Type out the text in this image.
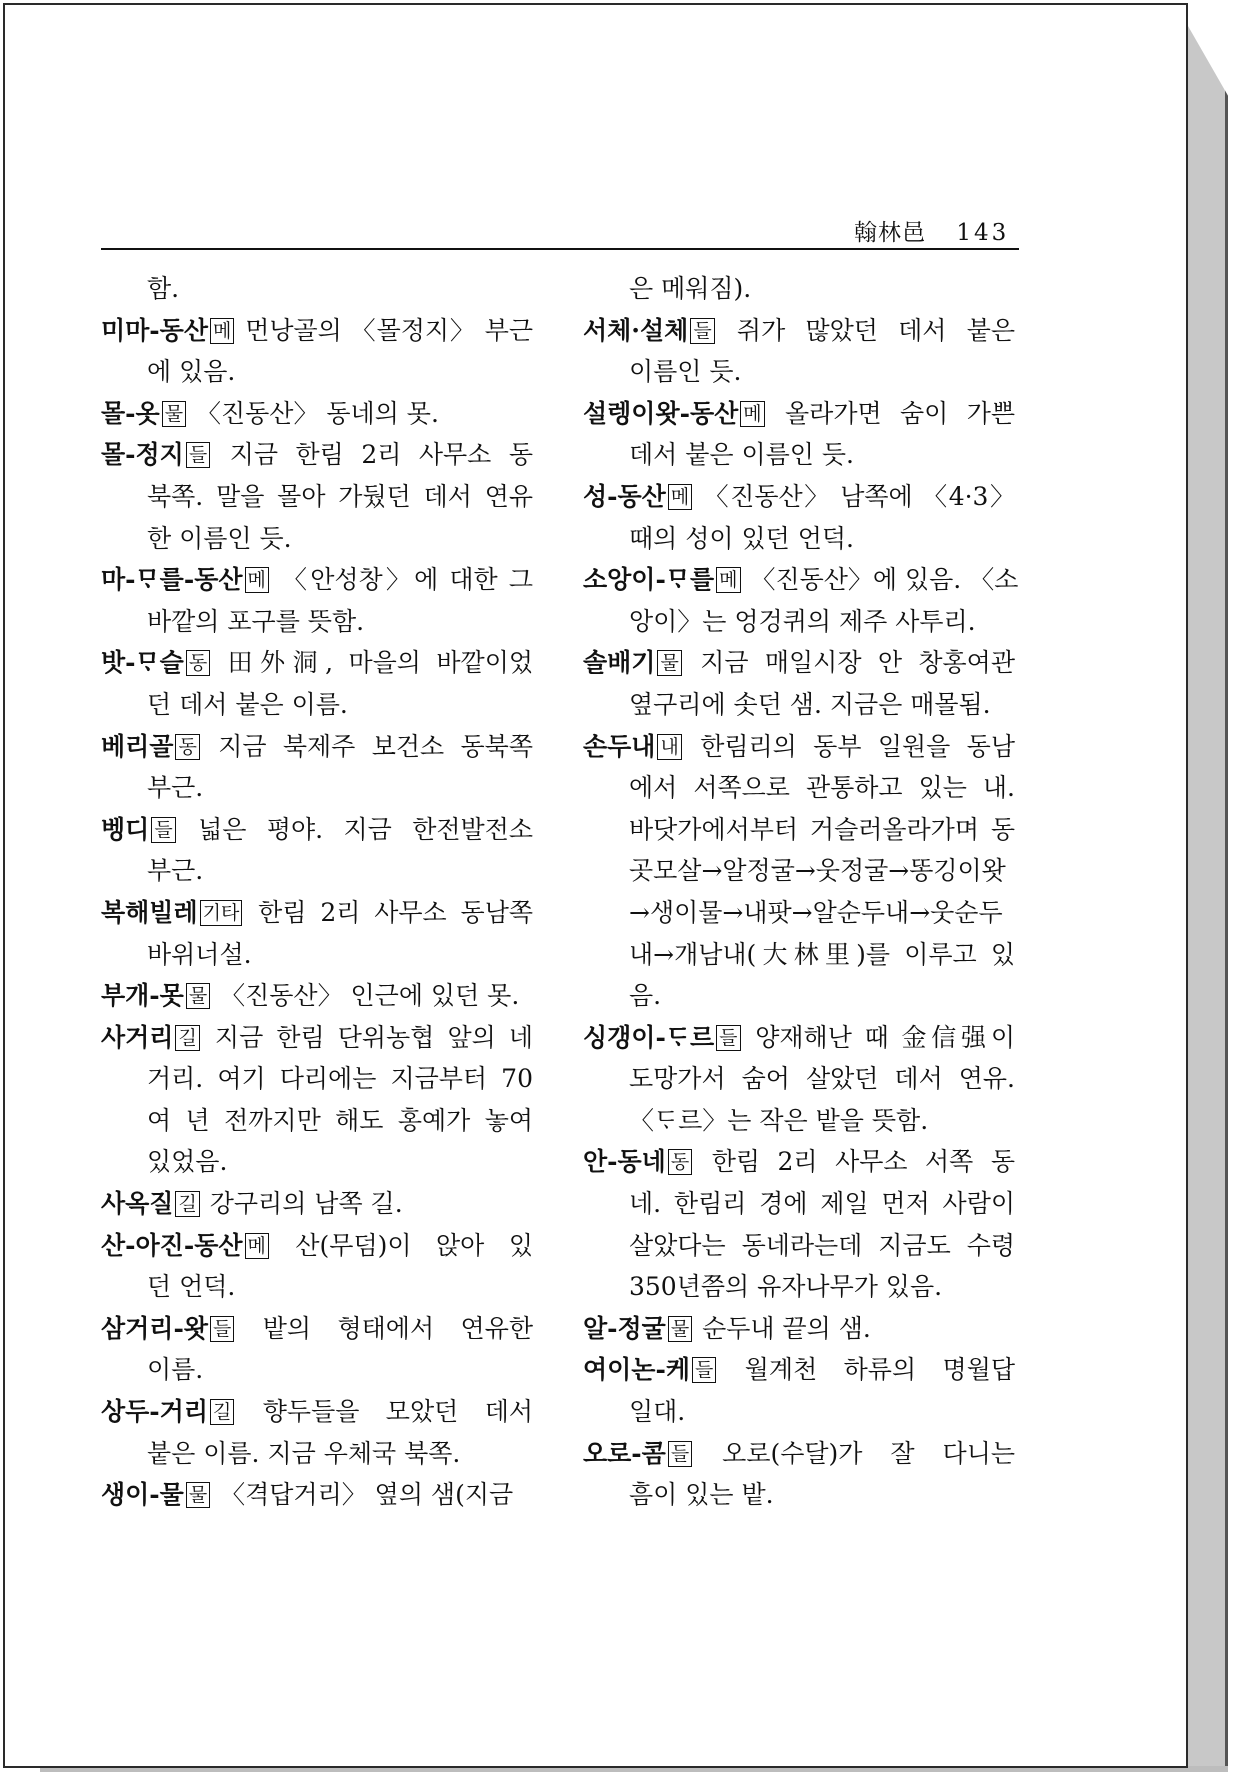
翰林邑 143
함.
미마-동산 메 먼낭골의 〈몰정지〉 부근
에 있음.
몰-옷 물 〈진동산〉 동네의 못.
몰-정지 들 지금 한림 2리 사무소 동
북쪽. 말을 몰아 가뒀던 데서 연유
한 이름인 듯.
마-ᄆᆞ를-동산 메 〈안성창〉에 대한 그
바깥의 포구를 뜻함.
밧-ᄆᆞ슬 동 田外洞, 마을의 바깥이었
던 데서 붙은 이름.
베리골 동 지금 북제주 보건소 동북쪽
부근.
벵디 들 넓은 평야. 지금 한전발전소
부근.
복해빌레 기타 한림 2리 사무소 동남쪽
바위너설.
부개-못 물 〈진동산〉 인근에 있던 못.
사거리 길 지금 한림 단위농협 앞의 네
거리. 여기 다리에는 지금부터 70
여 년 전까지만 해도 홍예가 놓여
있었음.
사옥질 길 강구리의 남쪽 길.
산-아진-동산 메 산(무덤)이 앉아 있
던 언덕.
삼거리-왓 들 밭의 형태에서 연유한
이름.
상두-거리 길 향두들을 모았던 데서
붙은 이름. 지금 우체국 북쪽.
생이-물 물 〈격답거리〉 옆의 샘(지금
은 메워짐).
서체·설체 들 쥐가 많았던 데서 붙은
이름인 듯.
설렝이왓-동산 메 올라가면 숨이 가쁜
데서 붙은 이름인 듯.
성-동산 메 〈진동산〉 남쪽에 〈4·3〉
때의 성이 있던 언덕.
소앙이-ᄆᆞ를 메 〈진동산〉에 있음. 〈소
앙이〉는 엉겅퀴의 제주 사투리.
솔배기 물 지금 매일시장 안 창홍여관
옆구리에 솟던 샘. 지금은 매몰됨.
손두내 내 한림리의 동부 일원을 동남
에서 서쪽으로 관통하고 있는 내.
바닷가에서부터 거슬러올라가며 동
곳모살→알정굴→웃정굴→똥깅이왓
→생이물→내팟→알순두내→웃순두
내→개남내(大林里)를 이루고 있
음.
싱갱이-ᄃᆞ르 들 양재해난 때 金信强이
도망가서 숨어 살았던 데서 연유.
〈ᄃᆞ르〉는 작은 밭을 뜻함.
안-동네 동 한림 2리 사무소 서쪽 동
네. 한림리 경에 제일 먼저 사람이
살았다는 동네라는데 지금도 수령
350년쯤의 유자나무가 있음.
알-정굴 물 순두내 끝의 샘.
여이논-케 들 월계천 하류의 명월답
일대.
오로-콤 들 오로(수달)가 잘 다니는
흠이 있는 밭.
